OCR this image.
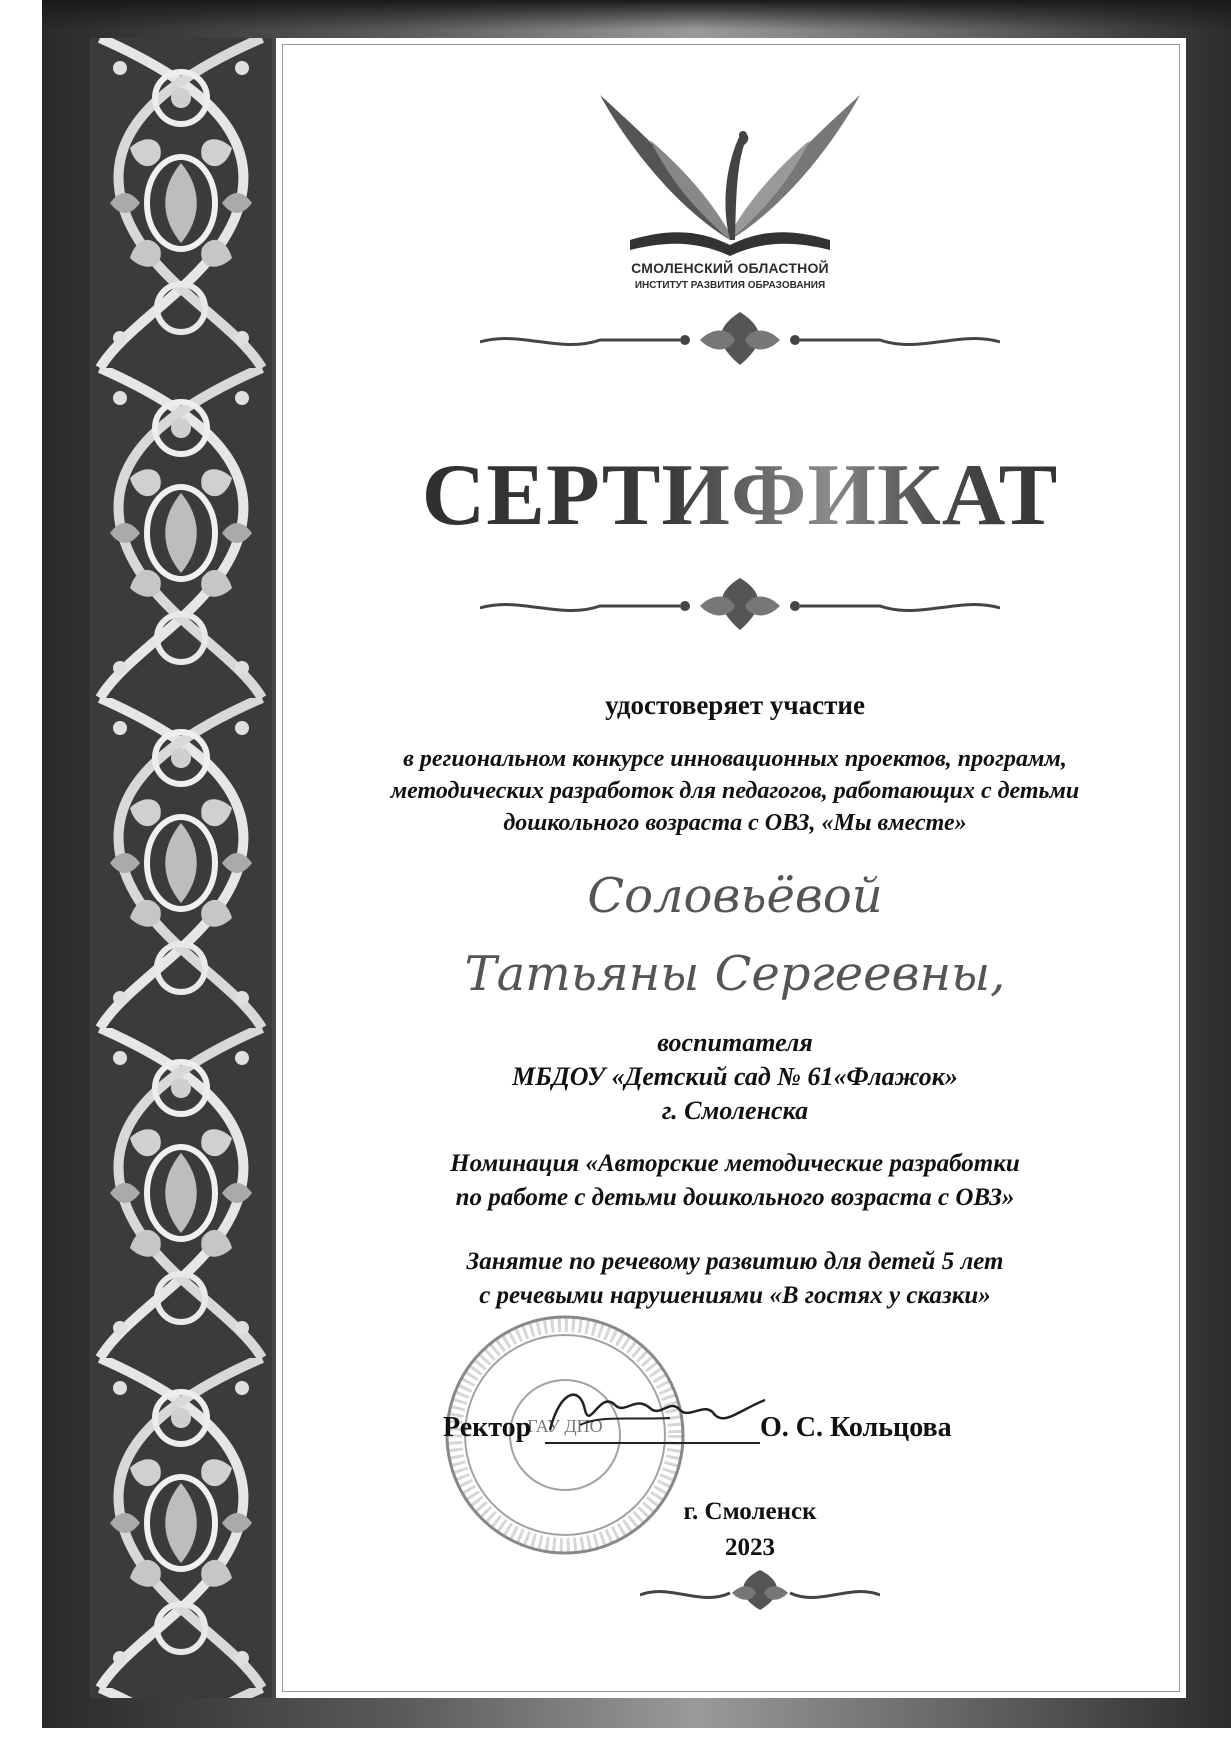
СМОЛЕНСКИЙ ОБЛАСТНОЙ
ИНСТИТУТ РАЗВИТИЯ ОБРАЗОВАНИЯ
СЕРТИФИКАТ
удостоверяет участие
в региональном конкурсе инновационных проектов, программ,
методических разработок для педагогов, работающих с детьми
дошкольного возраста с ОВЗ, «Мы вместе»
Соловьёвой
Татьяны Сергеевны,
воспитателя
МБДОУ «Детский сад № 61«Флажок»
г. Смоленска
Номинация «Авторские методические разработки
по работе с детьми дошкольного возраста с ОВЗ»
Занятие по речевому развитию для детей 5 лет
с речевыми нарушениями «В гостях у сказки»
ГАУ ДПО
Ректор	О. С. Кольцова
г. Смоленск
2023
